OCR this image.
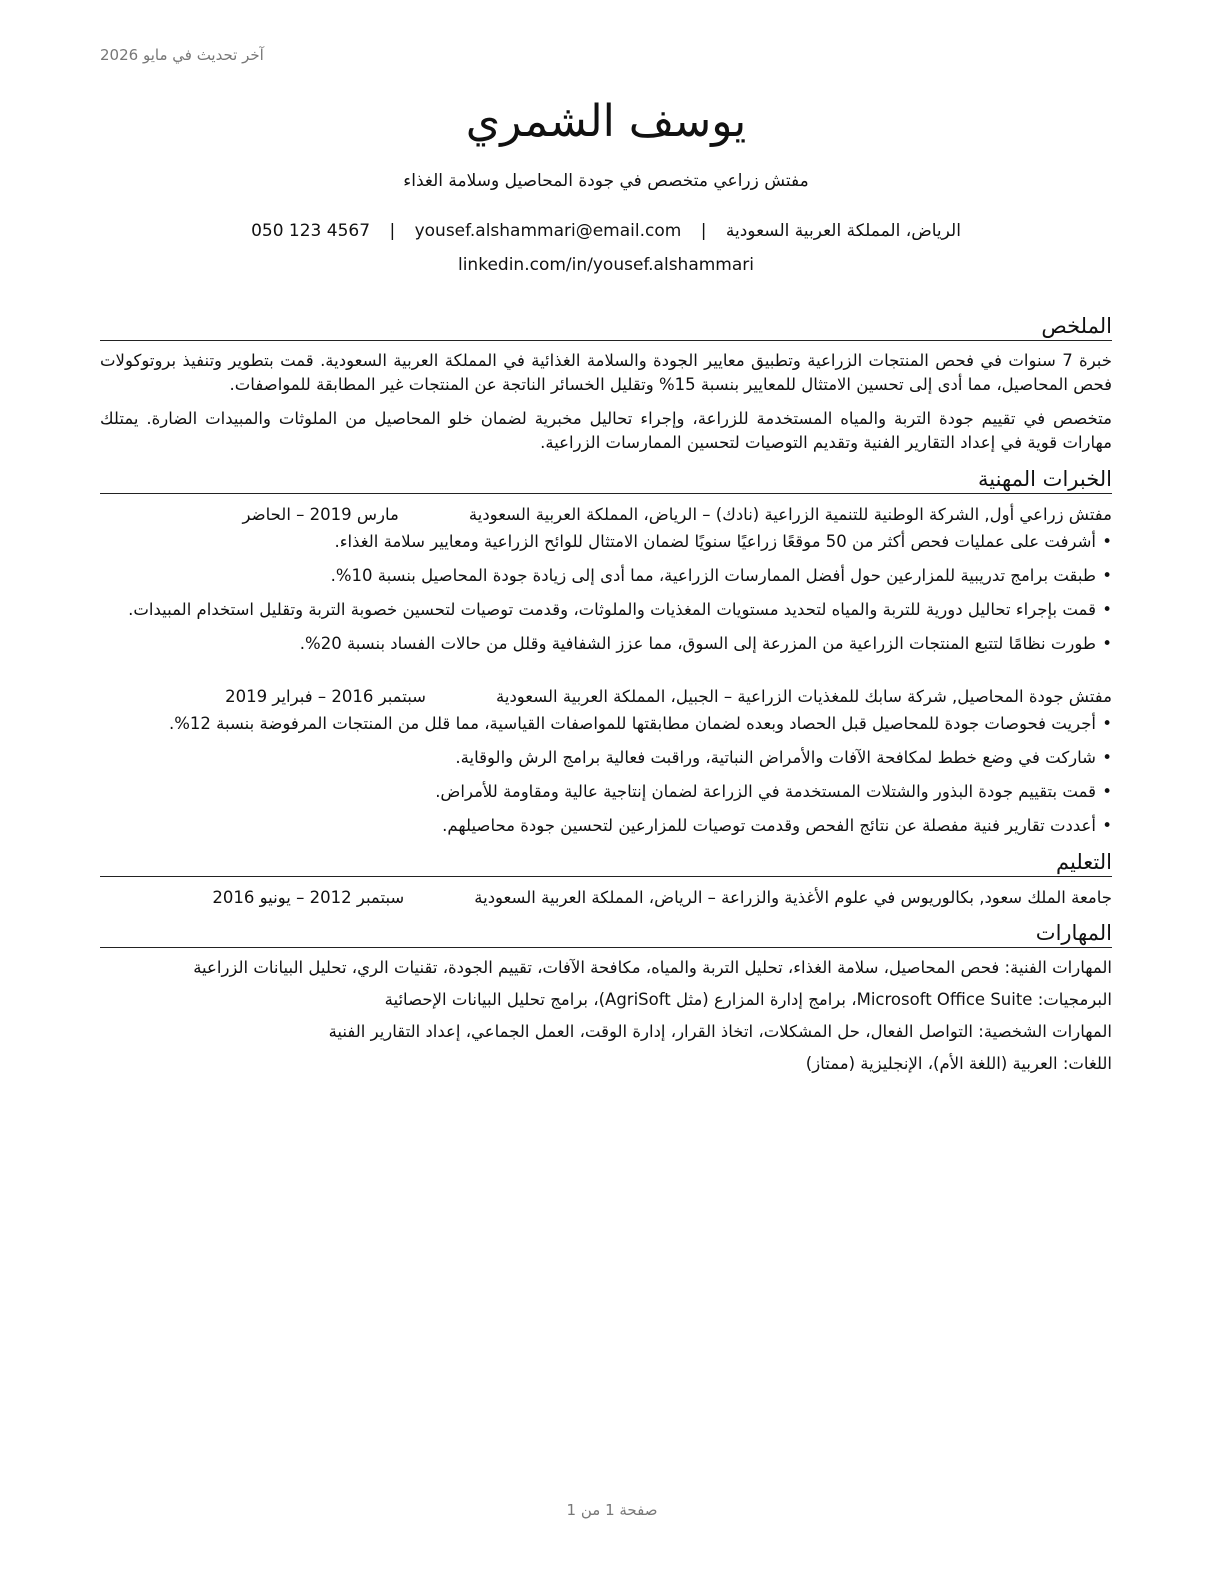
آخر تحديث في مايو 2026
يوسف الشمري
مفتش زراعي متخصص في جودة المحاصيل وسلامة الغذاء
الرياض، المملكة العربية السعودية | yousef.alshammari@email.com | 050 123 4567
linkedin.com/in/yousef.alshammari
الملخص

خبرة 7 سنوات في فحص المنتجات الزراعية وتطبيق معايير الجودة والسلامة الغذائية في المملكة العربية السعودية. قمت بتطوير وتنفيذ بروتوكولات فحص المحاصيل، مما أدى إلى تحسين الامتثال للمعايير بنسبة 15% وتقليل الخسائر الناتجة عن المنتجات غير المطابقة للمواصفات.

متخصص في تقييم جودة التربة والمياه المستخدمة للزراعة، وإجراء تحاليل مخبرية لضمان خلو المحاصيل من الملوثات والمبيدات الضارة. يمتلك مهارات قوية في إعداد التقارير الفنية وتقديم التوصيات لتحسين الممارسات الزراعية.

الخبرات المهنية
مفتش زراعي أول, الشركة الوطنية للتنمية الزراعية (نادك) – الرياض، المملكة العربية السعودية
مارس 2019 – الحاضر
• أشرفت على عمليات فحص أكثر من 50 موقعًا زراعيًا سنويًا لضمان الامتثال للوائح الزراعية ومعايير سلامة الغذاء.
• طبقت برامج تدريبية للمزارعين حول أفضل الممارسات الزراعية، مما أدى إلى زيادة جودة المحاصيل بنسبة 10%.
• قمت بإجراء تحاليل دورية للتربة والمياه لتحديد مستويات المغذيات والملوثات، وقدمت توصيات لتحسين خصوبة التربة وتقليل استخدام المبيدات.
• طورت نظامًا لتتبع المنتجات الزراعية من المزرعة إلى السوق، مما عزز الشفافية وقلل من حالات الفساد بنسبة 20%.
مفتش جودة المحاصيل, شركة سابك للمغذيات الزراعية – الجبيل، المملكة العربية السعودية
سبتمبر 2016 – فبراير 2019
• أجريت فحوصات جودة للمحاصيل قبل الحصاد وبعده لضمان مطابقتها للمواصفات القياسية، مما قلل من المنتجات المرفوضة بنسبة 12%.
• شاركت في وضع خطط لمكافحة الآفات والأمراض النباتية، وراقبت فعالية برامج الرش والوقاية.
• قمت بتقييم جودة البذور والشتلات المستخدمة في الزراعة لضمان إنتاجية عالية ومقاومة للأمراض.
• أعددت تقارير فنية مفصلة عن نتائج الفحص وقدمت توصيات للمزارعين لتحسين جودة محاصيلهم.
التعليم
جامعة الملك سعود, بكالوريوس في علوم الأغذية والزراعة – الرياض، المملكة العربية السعودية
سبتمبر 2012 – يونيو 2016
المهارات

المهارات الفنية: فحص المحاصيل، سلامة الغذاء، تحليل التربة والمياه، مكافحة الآفات، تقييم الجودة، تقنيات الري، تحليل البيانات الزراعية

البرمجيات: Microsoft Office Suite، برامج إدارة المزارع (مثل AgriSoft)، برامج تحليل البيانات الإحصائية

المهارات الشخصية: التواصل الفعال، حل المشكلات، اتخاذ القرار، إدارة الوقت، العمل الجماعي، إعداد التقارير الفنية

اللغات: العربية (اللغة الأم)، الإنجليزية (ممتاز)

صفحة 1 من 1
